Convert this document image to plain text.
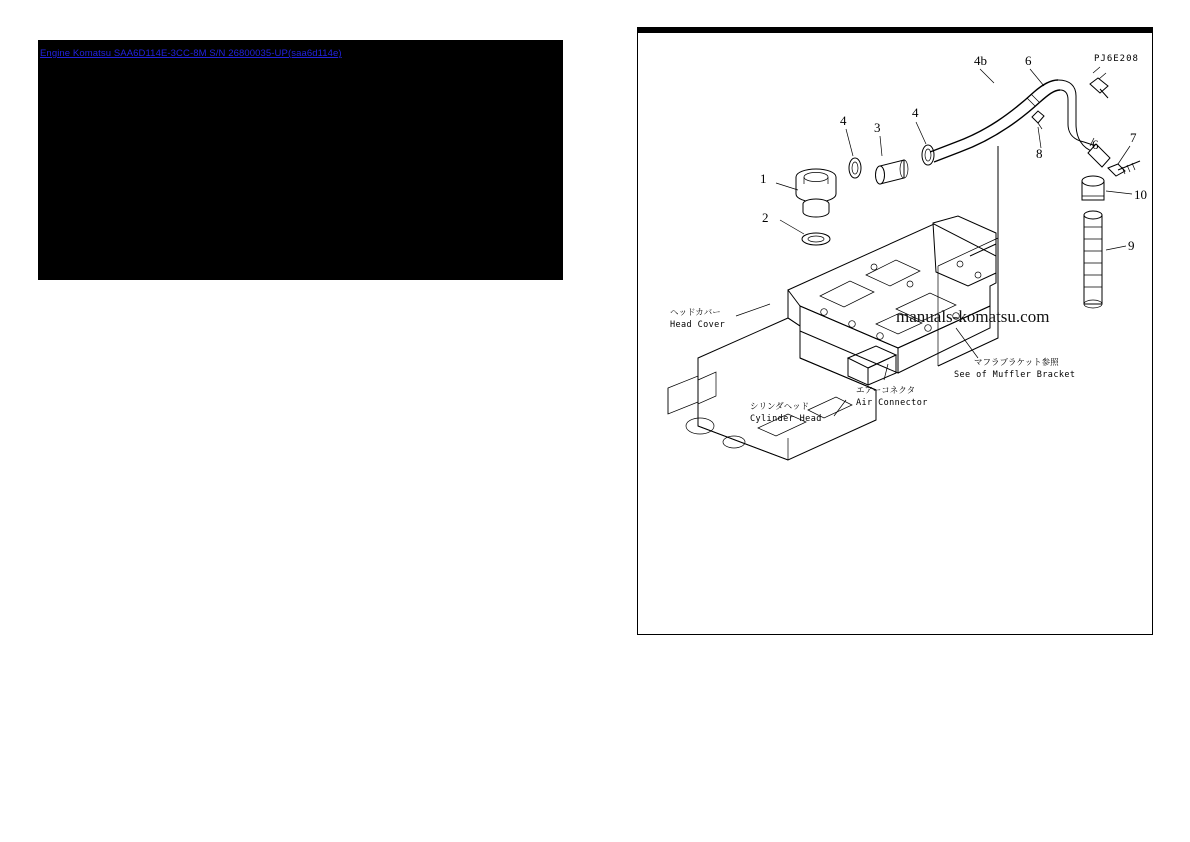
Engine Komatsu SAA6D114E-3CC-8M S/N 26800035-UP(saa6d114e)
1
2
3
4
4
4b	6
6 7
8
9
10
PJ6E208
ヘッドカバー
Head Cover
シリンダヘッド
Cylinder Head
エアーコネクタ
Air Connector
マフラブラケット参照
See of Muffler Bracket
manuals-komatsu.com
